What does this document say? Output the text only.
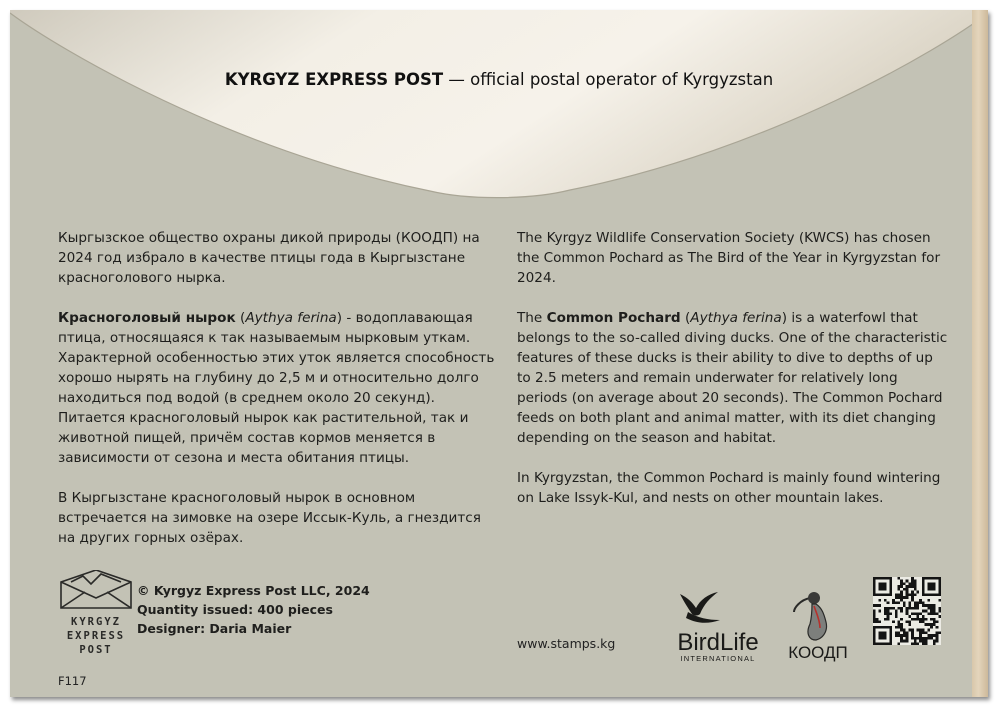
KYRGYZ EXPRESS POST — official postal operator of Kyrgyzstan

Кыргызское общество охраны дикой природы (КООДП) на 2024 год избрало в качестве птицы года в Кыргызстане красноголового нырка.

Красноголовый нырок (Aythya ferina) - водоплавающая птица, относящаяся к так называемым нырковым уткам. Характерной особенностью этих уток является способность хорошо нырять на глубину до 2,5 м и относительно долго находиться под водой (в среднем около 20 секунд). Питается красноголовый нырок как растительной, так и животной пищей, причём состав кормов меняется в зависимости от сезона и места обитания птицы.

В Кыргызстане красноголовый нырок в основном встречается на зимовке на озере Иссык-Куль, а гнездится на других горных озёрах.

The Kyrgyz Wildlife Conservation Society (KWCS) has chosen the Common Pochard as The Bird of the Year in Kyrgyzstan for 2024.

The Common Pochard (Aythya ferina) is a waterfowl that belongs to the so-called diving ducks. One of the characteristic features of these ducks is their ability to dive to depths of up to 2.5 meters and remain underwater for relatively long periods (on average about 20 seconds). The Common Pochard feeds on both plant and animal matter, with its diet changing depending on the season and habitat.

In Kyrgyzstan, the Common Pochard is mainly found wintering on Lake Issyk-Kul, and nests on other mountain lakes.

KYRGYZ
EXPRESS
POST
© Kyrgyz Express Post LLC, 2024
Quantity issued: 400 pieces
Designer: Daria Maier
www.stamps.kg
F117
BirdLife
INTERNATIONAL КООДП
